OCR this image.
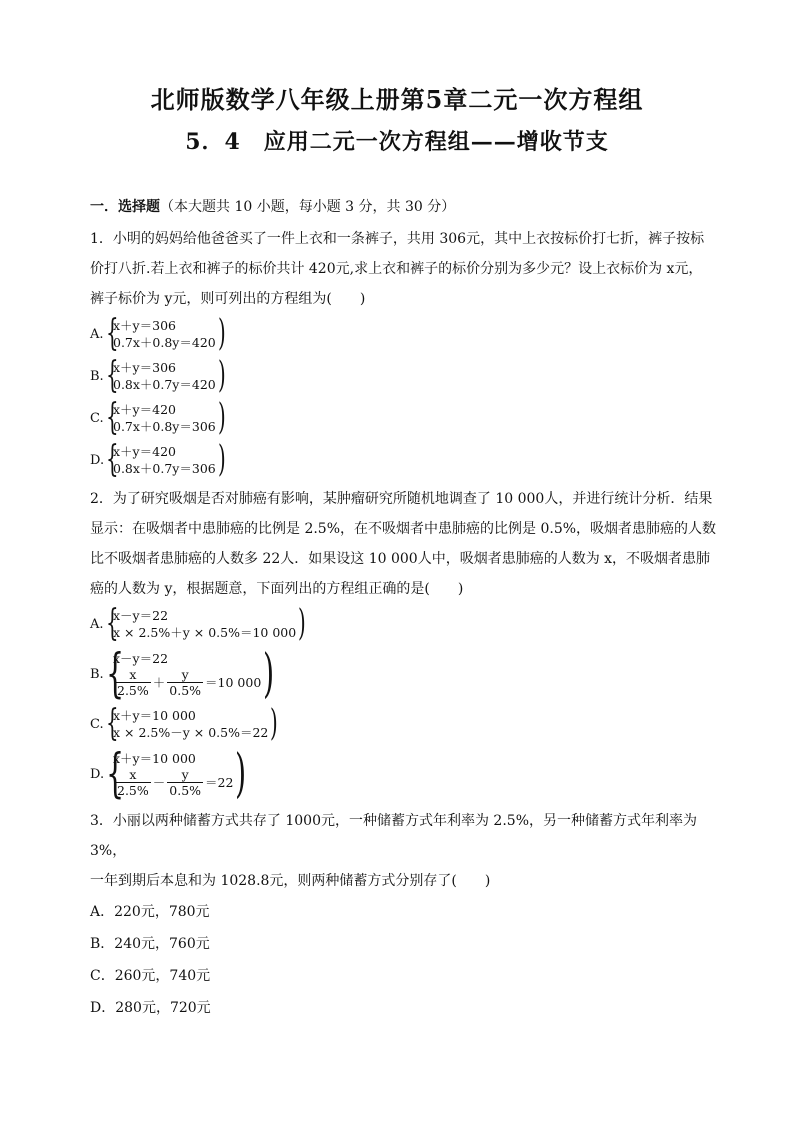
北师版数学八年级上册第5章二元一次方程组
5．4　应用二元一次方程组——增收节支
一．选择题（本大题共 10 小题，每小题 3 分，共 30 分）

1．小明的妈妈给他爸爸买了一件上衣和一条裤子，共用 306元，其中上衣按标价打七折，裤子按标

价打八折.若上衣和裤子的标价共计 420元,求上衣和裤子的标价分别为多少元？设上衣标价为 x元，

裤子标价为 y元，则可列出的方程组为(　　)

A. {
x＋y＝306
0.7x＋0.8y＝420 )
B. {
x＋y＝306
0.8x＋0.7y＝420 )
C. {
x＋y＝420
0.7x＋0.8y＝306 )
D. {
x＋y＝420
0.8x＋0.7y＝306 )

2．为了研究吸烟是否对肺癌有影响，某肿瘤研究所随机地调查了 10 000人，并进行统计分析．结果

显示：在吸烟者中患肺癌的比例是 2.5%，在不吸烟者中患肺癌的比例是 0.5%，吸烟者患肺癌的人数

比不吸烟者患肺癌的人数多 22人．如果设这 10 000人中，吸烟者患肺癌的人数为 x，不吸烟者患肺

癌的人数为 y，根据题意，下面列出的方程组正确的是(　　)

A. {
x－y＝22
x × 2.5%＋y × 0.5%＝10 000 )
B. {
x－y＝22
$\frac{x}{2.5\%} + \frac{y}{0.5\%} =10$ 000 )
C. {
x＋y＝10 000
x × 2.5%－y × 0.5%＝22 )
D. {
x＋y＝10 000
$\frac{x}{2.5\%} - \frac{y}{0.5\%} =22$ )

3．小丽以两种储蓄方式共存了 1000元，一种储蓄方式年利率为 2.5%，另一种储蓄方式年利率为 3%，

一年到期后本息和为 1028.8元，则两种储蓄方式分别存了(　　)

A．220元，780元

B．240元，760元

C．260元，740元

D．280元，720元
